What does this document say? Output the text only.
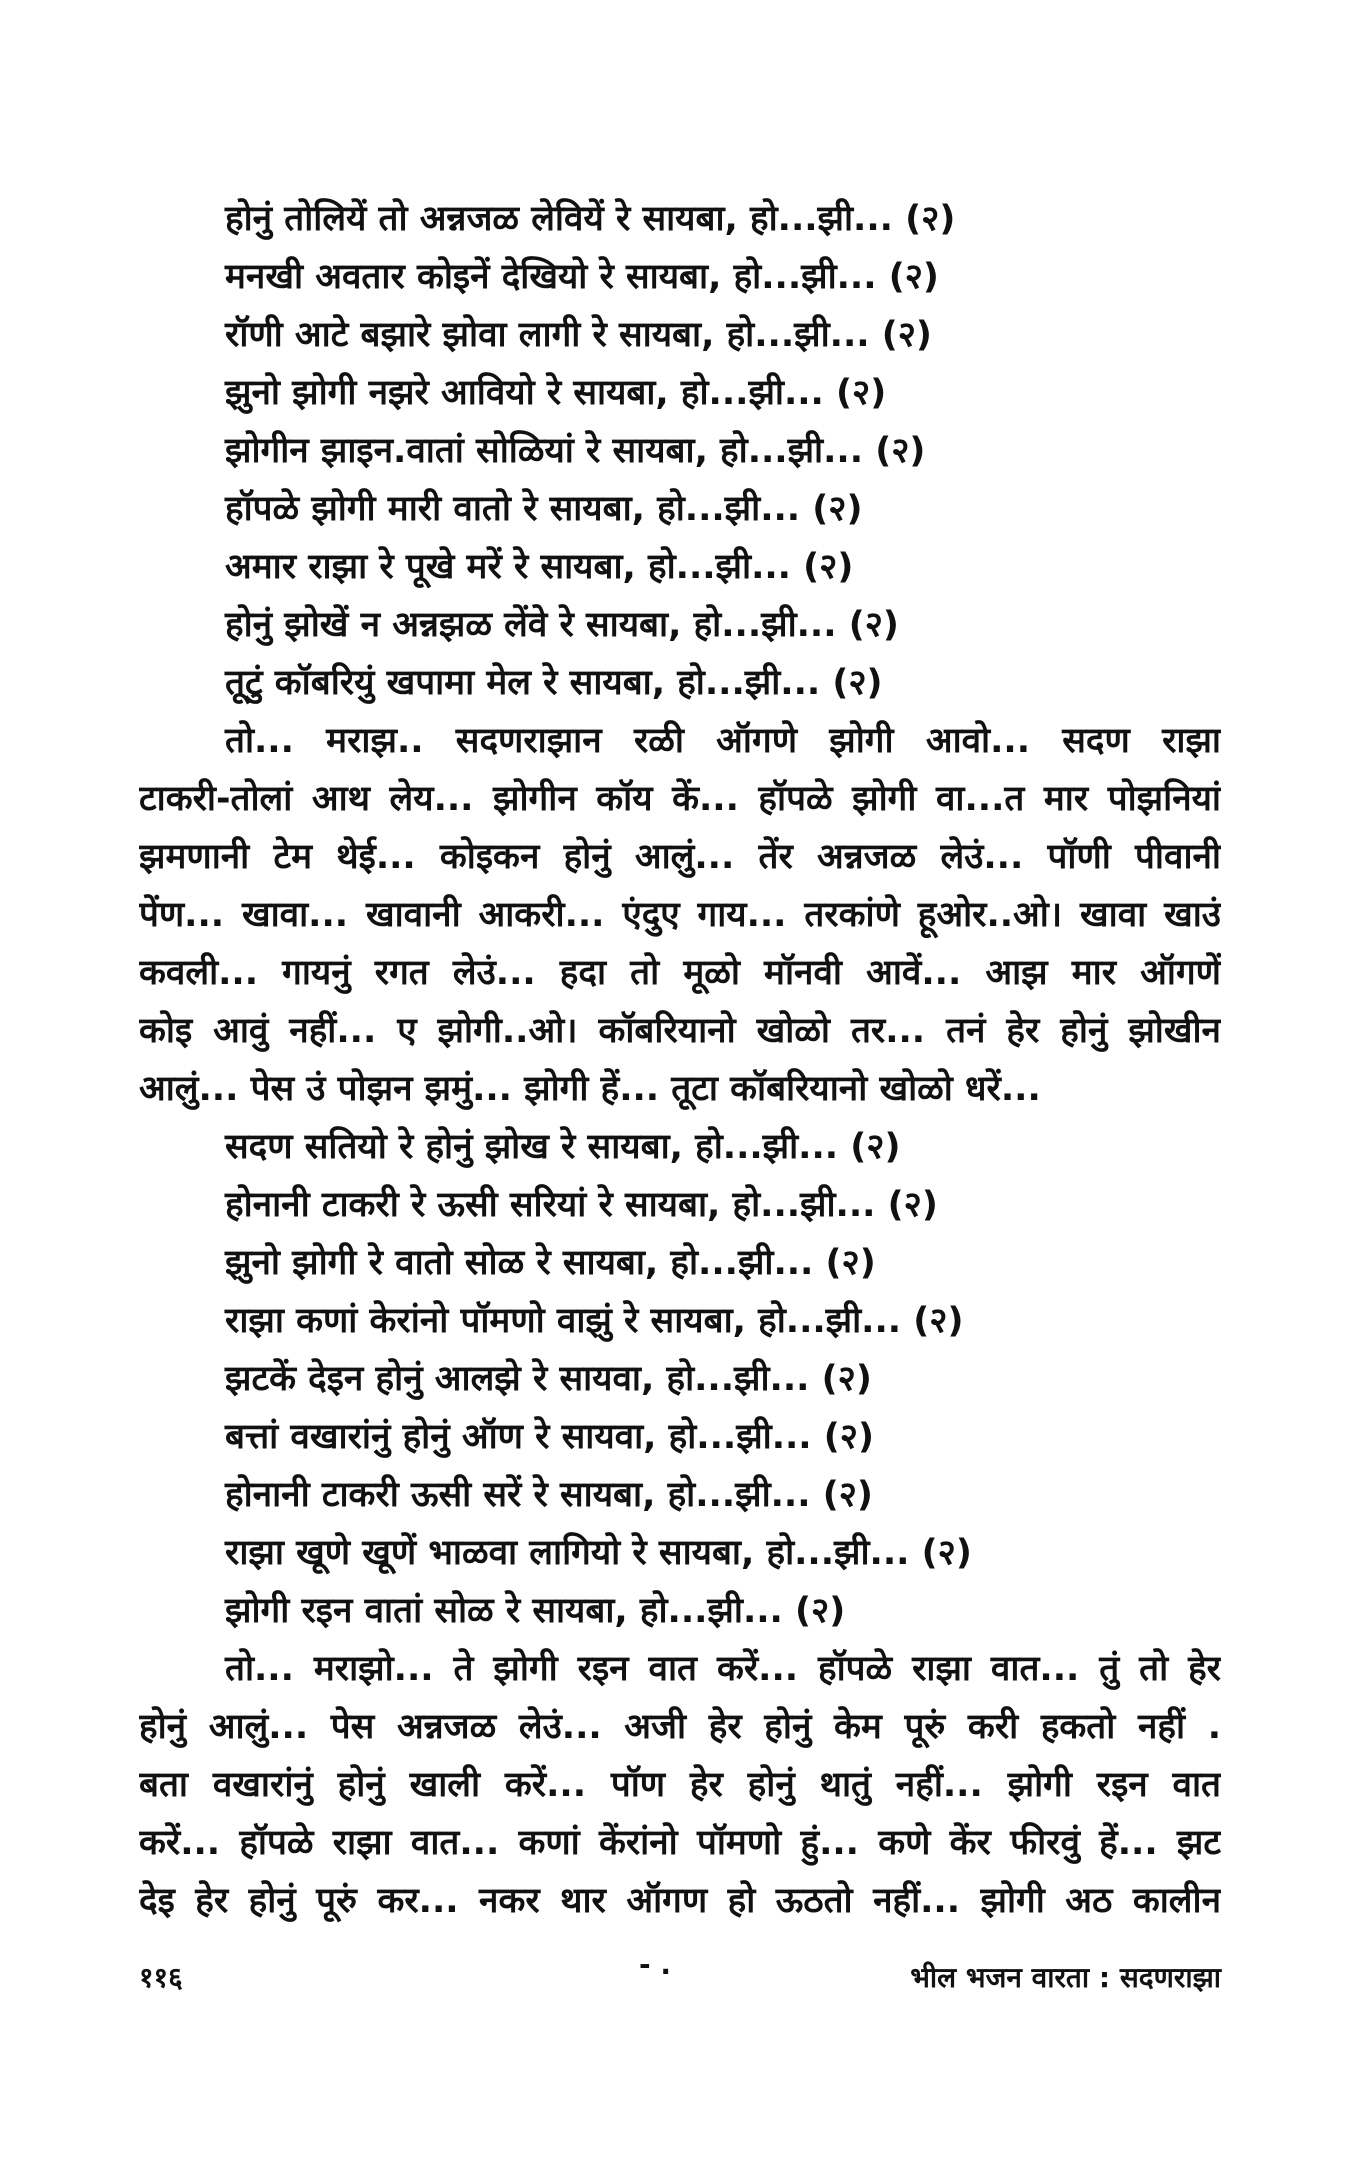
होनुं तोलियें तो अन्नजळ लेवियें रे सायबा, हो...झी... (२)
मनखी अवतार कोइनें देखियो रे सायबा, हो...झी... (२)
रॉणी आटे बझारे झोवा लागी रे सायबा, हो...झी... (२)
झुनो झोगी नझरे आवियो रे सायबा, हो...झी... (२)
झोगीन झाइन.वातां सोळियां रे सायबा, हो...झी... (२)
हॉपळे झोगी मारी वातो रे सायबा, हो...झी... (२)
अमार राझा रे पूखे मरें रे सायबा, हो...झी... (२)
होनुं झोखें न अन्नझळ लेंवे रे सायबा, हो...झी... (२)
तूटुं कॉबरियुं खपामा मेल रे सायबा, हो...झी... (२)
तो... मराझ.. सदणराझान रळी ऑगणे झोगी आवो... सदण राझा
टाकरी-तोलां आथ लेय... झोगीन कॉय कें... हॉपळे झोगी वा...त मार पोझनियां
झमणानी टेम थेई... कोइकन होनुं आलुं... तेंर अन्नजळ लेउं... पॉणी पीवानी
पेंण... खावा... खावानी आकरी... एंदुए गाय... तरकांणे हूओर..ओ। खावा खाउं
कवली... गायनुं रगत लेउं... हदा तो मूळो मॉनवी आवें... आझ मार ऑगणें
कोइ आवुं नहीं... ए झोगी..ओ। कॉबरियानो खोळो तर... तनं हेर होनुं झोखीन
आलुं... पेस उं पोझन झमुं... झोगी हें... तूटा कॉबरियानो खोळो धरें...
सदण सतियो रे होनुं झोख रे सायबा, हो...झी... (२)
होनानी टाकरी रे ऊसी सरियां रे सायबा, हो...झी... (२)
झुनो झोगी रे वातो सोळ रे सायबा, हो...झी... (२)
राझा कणां केरांनो पॉमणो वाझुं रे सायबा, हो...झी... (२)
झटकें देइन होनुं आलझे रे सायवा, हो...झी... (२)
बत्तां वखारांनुं होनुं ऑण रे सायवा, हो...झी... (२)
होनानी टाकरी ऊसी सरें रे सायबा, हो...झी... (२)
राझा खूणे खूणें भाळवा लागियो रे सायबा, हो...झी... (२)
झोगी रइन वातां सोळ रे सायबा, हो...झी... (२)
तो... मराझो... ते झोगी रइन वात करें... हॉपळे राझा वात... तुं तो हेर
होनुं आलुं... पेस अन्नजळ लेउं... अजी हेर होनुं केम पूरुं करी हकतो नहीं .
बता वखारांनुं होनुं खाली करें... पॉण हेर होनुं थातुं नहीं... झोगी रइन वात
करें... हॉपळे राझा वात... कणां केंरांनो पॉमणो हुं... कणे केंर फीरवुं हें... झट
देइ हेर होनुं पूरुं कर... नकर थार ऑगण हो ऊठतो नहीं... झोगी अठ कालीन
११६	- .	भील भजन वारता : सदणराझा
